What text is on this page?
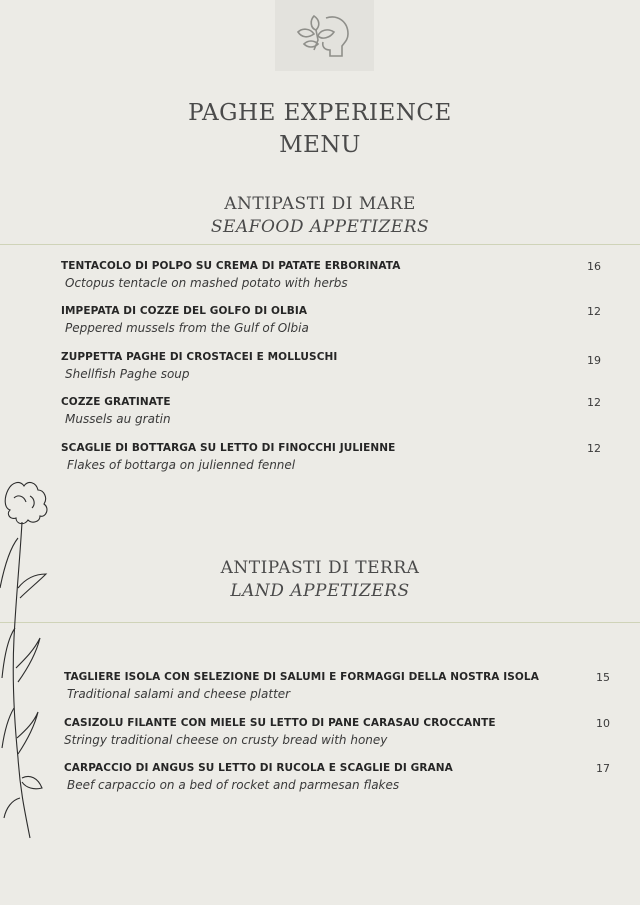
PAGHE EXPERIENCE
MENU
ANTIPASTI DI MARE
SEAFOOD APPETIZERS
TENTACOLO DI POLPO SU CREMA DI PATATE ERBORINATA
Octopus tentacle on mashed potato with herbs
16
IMPEPATA DI COZZE DEL GOLFO DI OLBIA
Peppered mussels from the Gulf of Olbia
12
ZUPPETTA PAGHE DI CROSTACEI E MOLLUSCHI
Shellfish Paghe soup
19
COZZE GRATINATE
Mussels au gratin
12
SCAGLIE DI BOTTARGA SU LETTO DI FINOCCHI JULIENNE
Flakes of bottarga on julienned fennel
12
ANTIPASTI DI TERRA
LAND APPETIZERS
TAGLIERE ISOLA CON SELEZIONE DI SALUMI E FORMAGGI DELLA NOSTRA ISOLA
Traditional salami and cheese platter
15
CASIZOLU FILANTE CON MIELE SU LETTO DI PANE CARASAU CROCCANTE
Stringy traditional cheese on crusty bread with honey
10
CARPACCIO DI ANGUS SU LETTO DI RUCOLA E SCAGLIE DI GRANA
Beef carpaccio on a bed of rocket and parmesan flakes
17
